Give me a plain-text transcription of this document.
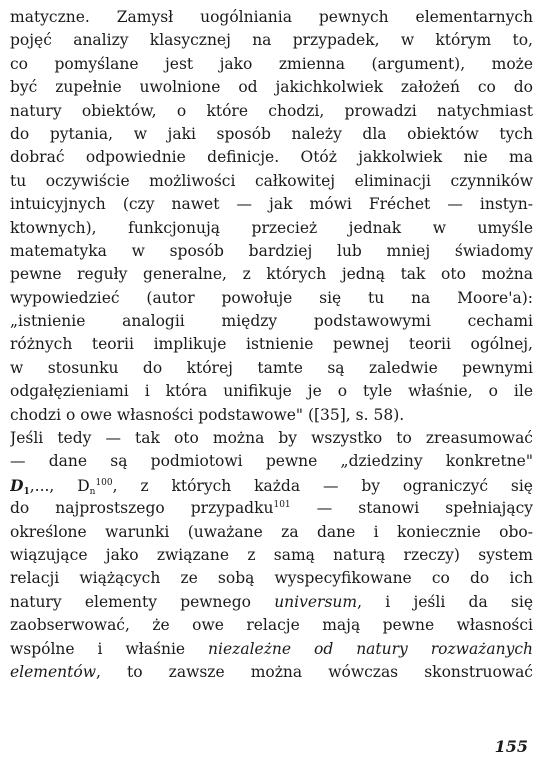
matyczne. Zamysł uogólniania pewnych elementarnych
pojęć analizy klasycznej na przypadek, w którym to,
co pomyślane jest jako zmienna (argument), może
być zupełnie uwolnione od jakichkolwiek założeń co do
natury obiektów, o które chodzi, prowadzi natychmiast
do pytania, w jaki sposób należy dla obiektów tych
dobrać odpowiednie definicje. Otóż jakkolwiek nie ma
tu oczywiście możliwości całkowitej eliminacji czynników
intuicyjnych (czy nawet — jak mówi Fréchet — instyn-
ktownych), funkcjonują przecież jednak w umyśle
matematyka w sposób bardziej lub mniej świadomy
pewne reguły generalne, z których jedną tak oto można
wypowiedzieć (autor powołuje się tu na Moore'a):
„istnienie analogii między podstawowymi cechami
różnych teorii implikuje istnienie pewnej teorii ogólnej,
w stosunku do której tamte są zaledwie pewnymi
odgałęzieniami i która unifikuje je o tyle właśnie, o ile
chodzi o owe własności podstawowe" ([35], s. 58).
Jeśli tedy — tak oto można by wszystko to zreasumować
— dane są podmiotowi pewne „dziedziny konkretne"
$D_1$,..., $D_n^{100}$, z których każda — by ograniczyć się
do najprostszego przypadku$^{101}$ — stanowi spełniający
określone warunki (uważane za dane i koniecznie obo-
wiązujące jako związane z samą naturą rzeczy) system
relacji wiążących ze sobą wyspecyfikowane co do ich
natury elementy pewnego universum, i jeśli da się
zaobserwować, że owe relacje mają pewne własności
wspólne i właśnie niezależne od natury rozważanych
elementów, to zawsze można wówczas skonstruować
155
